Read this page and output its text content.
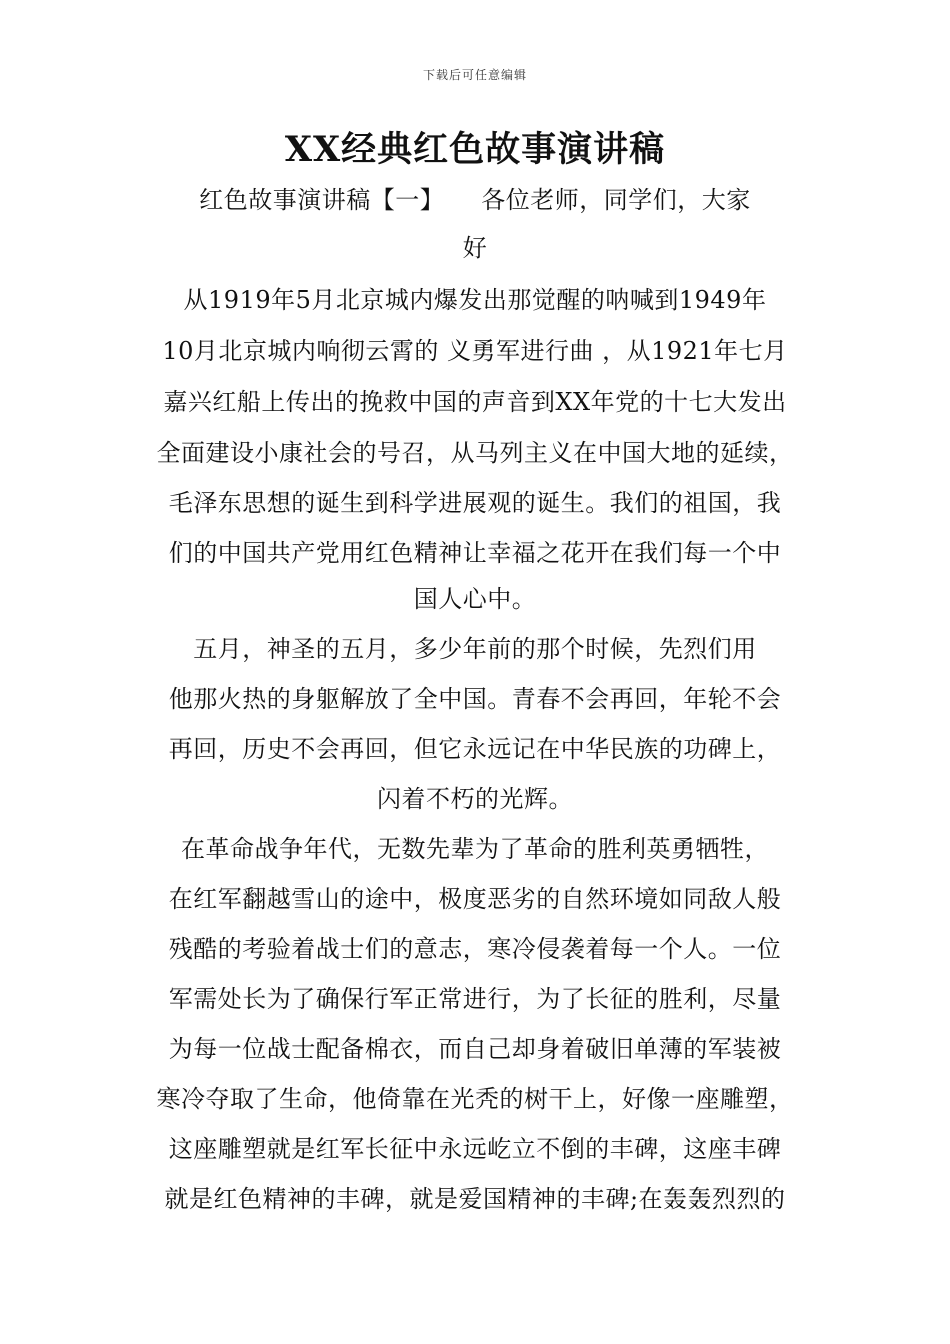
下载后可任意编辑
XX经典红色故事演讲稿
红色故事演讲稿【一】　　各位老师，同学们，大家
好
从1919年5月北京城内爆发出那觉醒的呐喊到1949年
10月北京城内响彻云霄的 义勇军进行曲 ，从1921年七月
嘉兴红船上传出的挽救中国的声音到XX年党的十七大发出
全面建设小康社会的号召，从马列主义在中国大地的延续，
毛泽东思想的诞生到科学进展观的诞生。我们的祖国，我
们的中国共产党用红色精神让幸福之花开在我们每一个中
国人心中。
五月，神圣的五月，多少年前的那个时候，先烈们用
他那火热的身躯解放了全中国。青春不会再回，年轮不会
再回，历史不会再回，但它永远记在中华民族的功碑上，
闪着不朽的光辉。
在革命战争年代，无数先辈为了革命的胜利英勇牺牲，
在红军翻越雪山的途中，极度恶劣的自然环境如同敌人般
残酷的考验着战士们的意志，寒冷侵袭着每一个人。一位
军需处长为了确保行军正常进行，为了长征的胜利，尽量
为每一位战士配备棉衣，而自己却身着破旧单薄的军装被
寒冷夺取了生命，他倚靠在光秃的树干上，好像一座雕塑，
这座雕塑就是红军长征中永远屹立不倒的丰碑，这座丰碑
就是红色精神的丰碑，就是爱国精神的丰碑;在轰轰烈烈的
